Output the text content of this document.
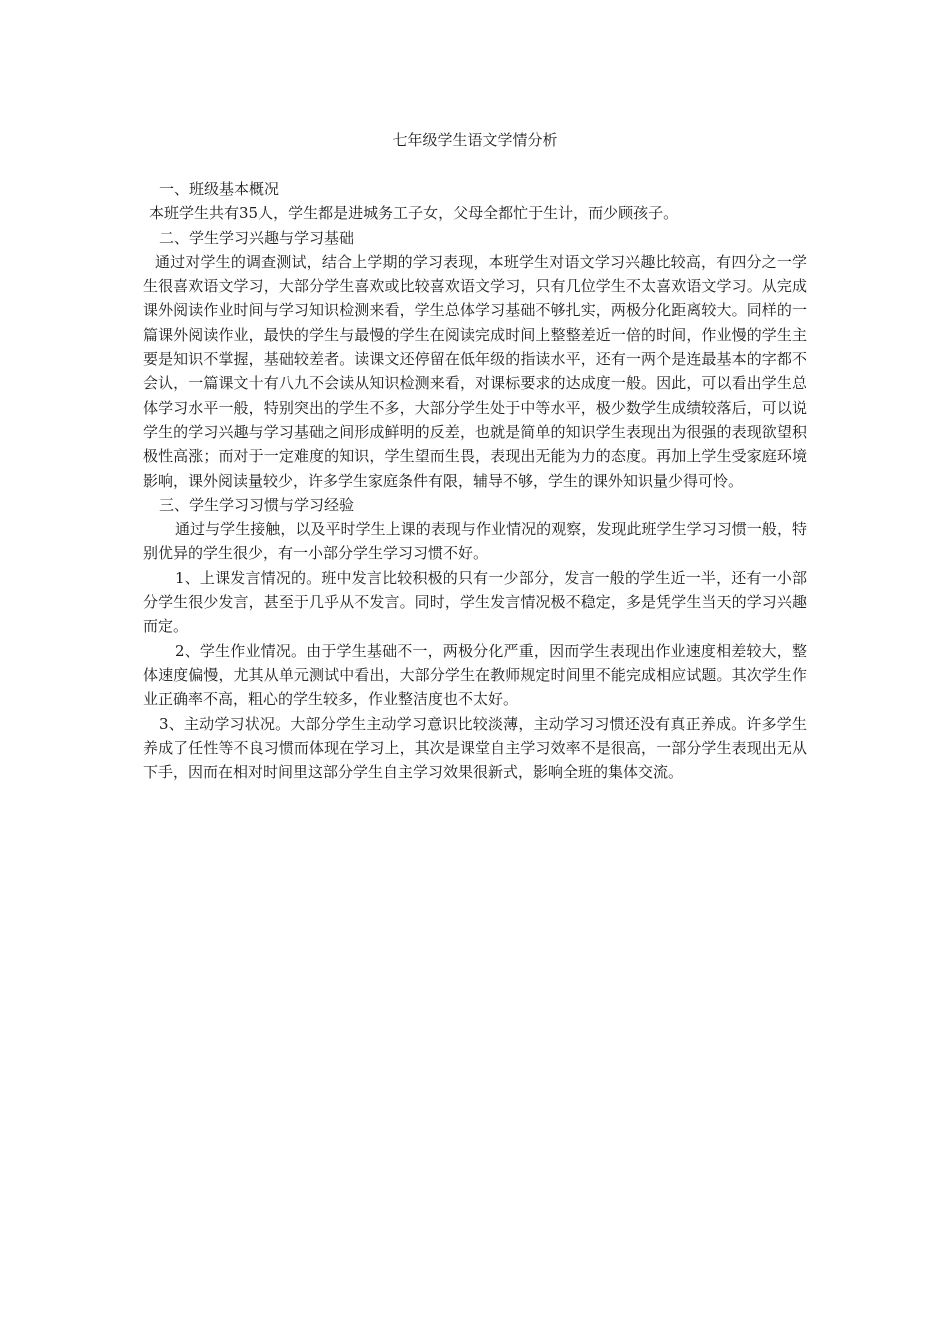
七年级学生语文学情分析

一、班级基本概况

本班学生共有35人，学生都是进城务工子女，父母全都忙于生计，而少顾孩子。

二、学生学习兴趣与学习基础

通过对学生的调查测试，结合上学期的学习表现，本班学生对语文学习兴趣比较高，有四分之一学生很喜欢语文学习，大部分学生喜欢或比较喜欢语文学习，只有几位学生不太喜欢语文学习。从完成课外阅读作业时间与学习知识检测来看，学生总体学习基础不够扎实，两极分化距离较大。同样的一篇课外阅读作业，最快的学生与最慢的学生在阅读完成时间上整整差近一倍的时间，作业慢的学生主要是知识不掌握，基础较差者。读课文还停留在低年级的指读水平，还有一两个是连最基本的字都不会认，一篇课文十有八九不会读从知识检测来看，对课标要求的达成度一般。因此，可以看出学生总体学习水平一般，特别突出的学生不多，大部分学生处于中等水平，极少数学生成绩较落后，可以说学生的学习兴趣与学习基础之间形成鲜明的反差，也就是简单的知识学生表现出为很强的表现欲望积极性高涨；而对于一定难度的知识，学生望而生畏，表现出无能为力的态度。再加上学生受家庭环境影响，课外阅读量较少，许多学生家庭条件有限，辅导不够，学生的课外知识量少得可怜。

三、学生学习习惯与学习经验

通过与学生接触，以及平时学生上课的表现与作业情况的观察，发现此班学生学习习惯一般，特别优异的学生很少，有一小部分学生学习习惯不好。

1、上课发言情况的。班中发言比较积极的只有一少部分，发言一般的学生近一半，还有一小部分学生很少发言，甚至于几乎从不发言。同时，学生发言情况极不稳定，多是凭学生当天的学习兴趣而定。

2、学生作业情况。由于学生基础不一，两极分化严重，因而学生表现出作业速度相差较大，整体速度偏慢，尤其从单元测试中看出，大部分学生在教师规定时间里不能完成相应试题。其次学生作业正确率不高，粗心的学生较多，作业整洁度也不太好。

3、主动学习状况。大部分学生主动学习意识比较淡薄，主动学习习惯还没有真正养成。许多学生养成了任性等不良习惯而体现在学习上，其次是课堂自主学习效率不是很高，一部分学生表现出无从下手，因而在相对时间里这部分学生自主学习效果很新式，影响全班的集体交流。
